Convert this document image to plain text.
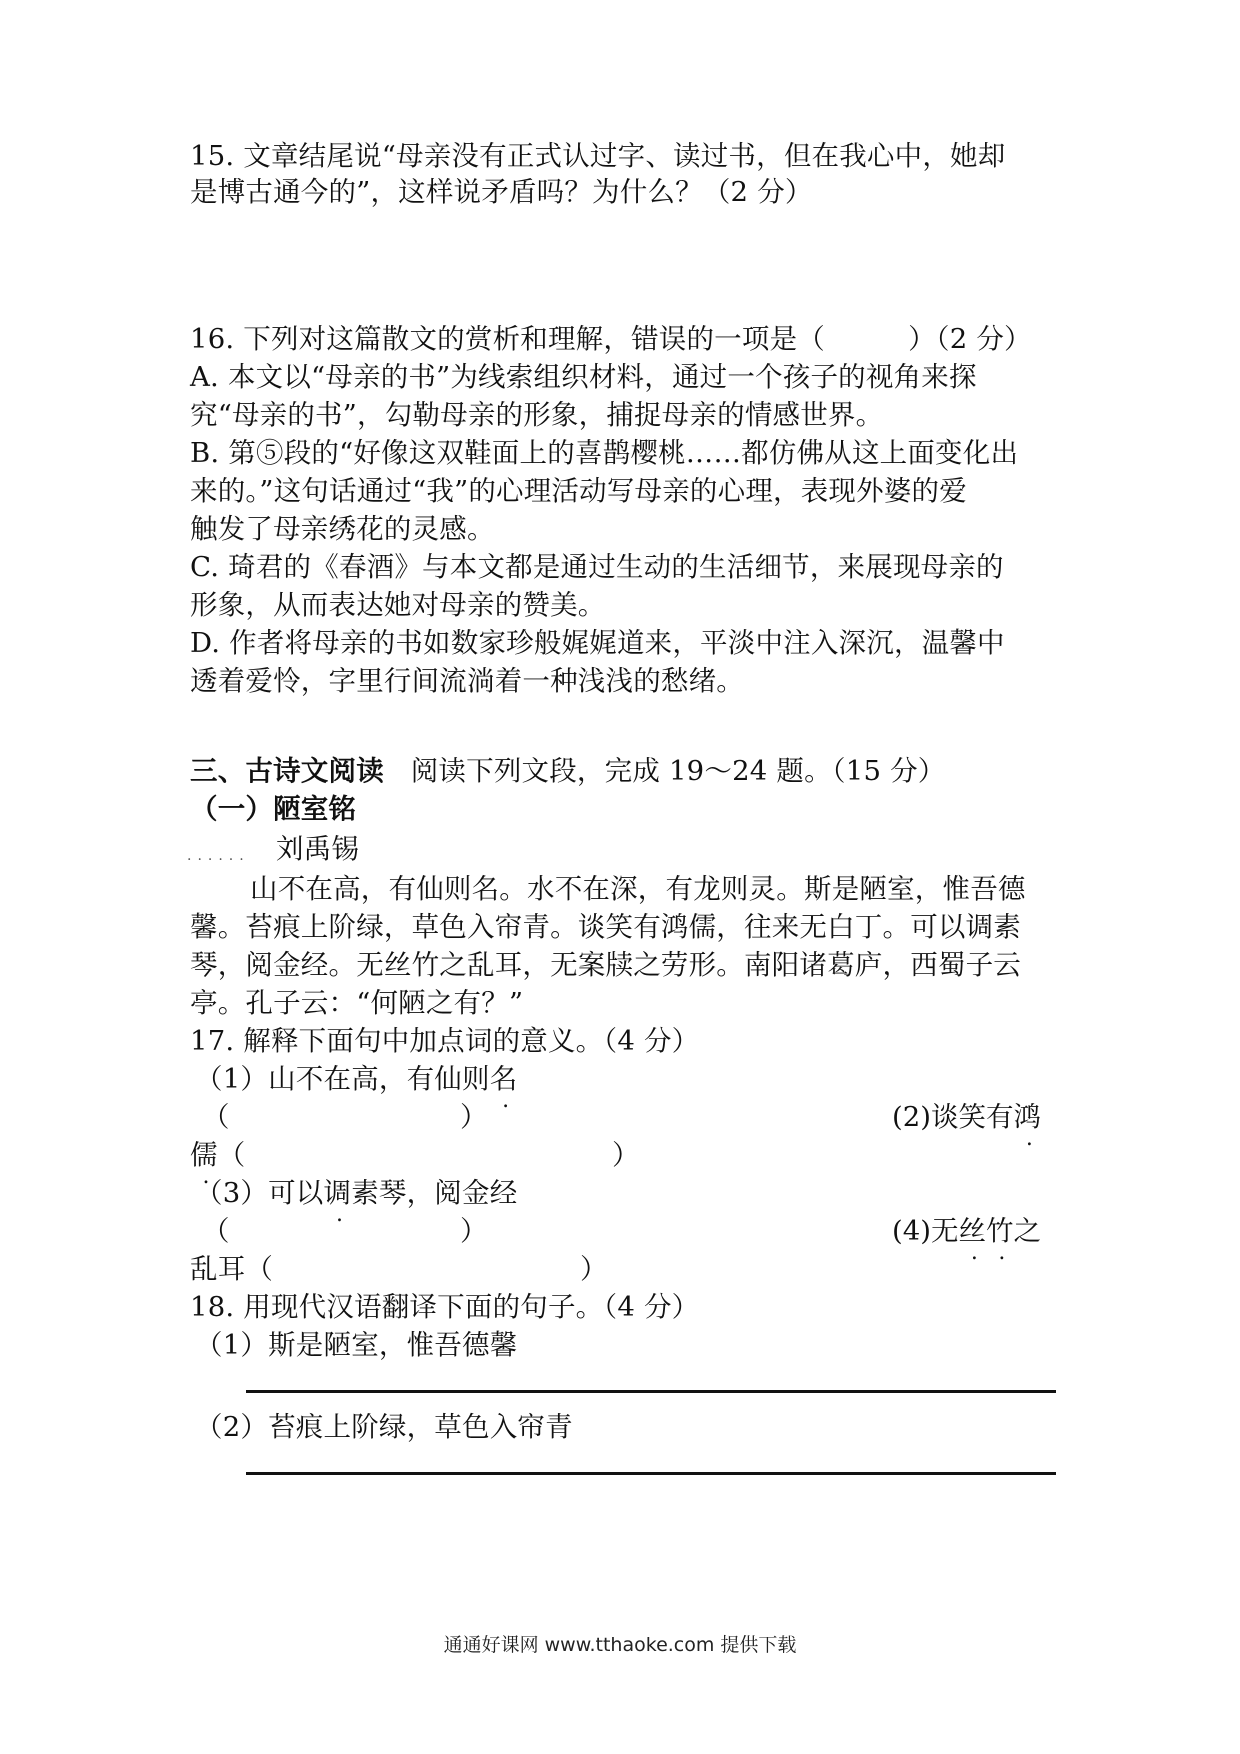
15. 文章结尾说“母亲没有正式认过字、读过书，但在我心中，她却
是博古通今的”，这样说矛盾吗？为什么？（2 分）
16. 下列对这篇散文的赏析和理解，错误的一项是（　　　）（2 分）
A. 本文以“母亲的书”为线索组织材料，通过一个孩子的视角来探
究“母亲的书”，勾勒母亲的形象，捕捉母亲的情感世界。
B. 第⑤段的“好像这双鞋面上的喜鹊樱桃……都仿佛从这上面变化出
来的。”这句话通过“我”的心理活动写母亲的心理，表现外婆的爱
触发了母亲绣花的灵感。
C. 琦君的《春酒》与本文都是通过生动的生活细节，来展现母亲的
形象，从而表达她对母亲的赞美。
D. 作者将母亲的书如数家珍般娓娓道来，平淡中注入深沉，温馨中
透着爱怜，字里行间流淌着一种浅浅的愁绪。
三、古诗文阅读 阅读下列文段，完成 19～24 题。（15 分）
（一）陋室铭
...... 刘禹锡
山不在高，有仙则名。水不在深，有龙则灵。斯是陋室，惟吾德
馨。苔痕上阶绿，草色入帘青。谈笑有鸿儒，往来无白丁。可以调素
琴，阅金经。无丝竹之乱耳，无案牍之劳形。南阳诸葛庐，西蜀子云
亭。孔子云：“何陋之有？”
17. 解释下面句中加点词的意义。（4 分）
（1）山不在高，有仙则名
（	）	(2)谈笑有鸿
儒（	）
（3）可以调素琴，阅金经
（	）	(4)无丝竹之
乱耳（	）
18. 用现代汉语翻译下面的句子。（4 分）
（1）斯是陋室，惟吾德馨
（2）苔痕上阶绿，草色入帘青
通通好课网 www.tthaoke.com 提供下载
